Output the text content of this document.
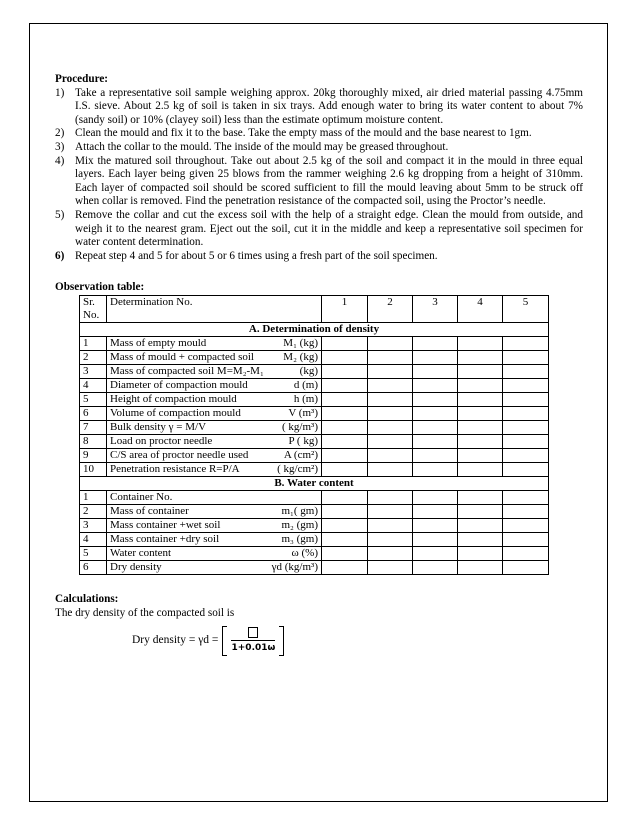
Procedure:

1) Take a representative soil sample weighing approx. 20kg thoroughly mixed, air dried material passing 4.75mm I.S. sieve. About 2.5 kg of soil is taken in six trays. Add enough water to bring its water content to about 7% (sandy soil) or 10% (clayey soil) less than the estimate optimum moisture content.
2) Clean the mould and fix it to the base. Take the empty mass of the mould and the base nearest to 1gm.
3) Attach the collar to the mould. The inside of the mould may be greased throughout.
4) Mix the matured soil throughout. Take out about 2.5 kg of the soil and compact it in the mould in three equal layers. Each layer being given 25 blows from the rammer weighing 2.6 kg dropping from a height of 310mm. Each layer of compacted soil should be scored sufficient to fill the mould leaving about 5mm to be struck off when collar is removed. Find the penetration resistance of the compacted soil, using the Proctor’s needle.
5) Remove the collar and cut the excess soil with the help of a straight edge. Clean the mould from outside, and weigh it to the nearest gram. Eject out the soil, cut it in the middle and keep a representative soil specimen for water content determination.
6) Repeat step 4 and 5 for about 5 or 6 times using a fresh part of the soil specimen.

Observation table:

Sr. No.	Determination No.	1	2	3	4	5
A. Determination of density						
1	Mass of empty mould M₁ (kg)					

2	Mass of mould + compacted soil M₂ (kg)					

3	Mass of compacted soil M=M₂-M₁ (kg)					

4	Diameter of compaction mould d (m)					

5	Height of compaction mould h (m)					

6	Volume of compaction mould V (m³)					

7	Bulk density γ = M/V ( kg/m³)					

8	Load on proctor needle P ( kg)					

9	C/S area of proctor needle used A (cm²)					

10	Penetration resistance R=P/A ( kg/cm²)					

B. Water content						
1	Container No.					

2	Mass of container m₁( gm)					

3	Mass container +wet soil m₂ (gm)					

4	Mass container +dry soil m₃ (gm)					

5	Water content ω (%)					

6	Dry density γd (kg/m³)					

Calculations:

The dry density of the compacted soil is

Dry density = γd =
1+0.01ω
